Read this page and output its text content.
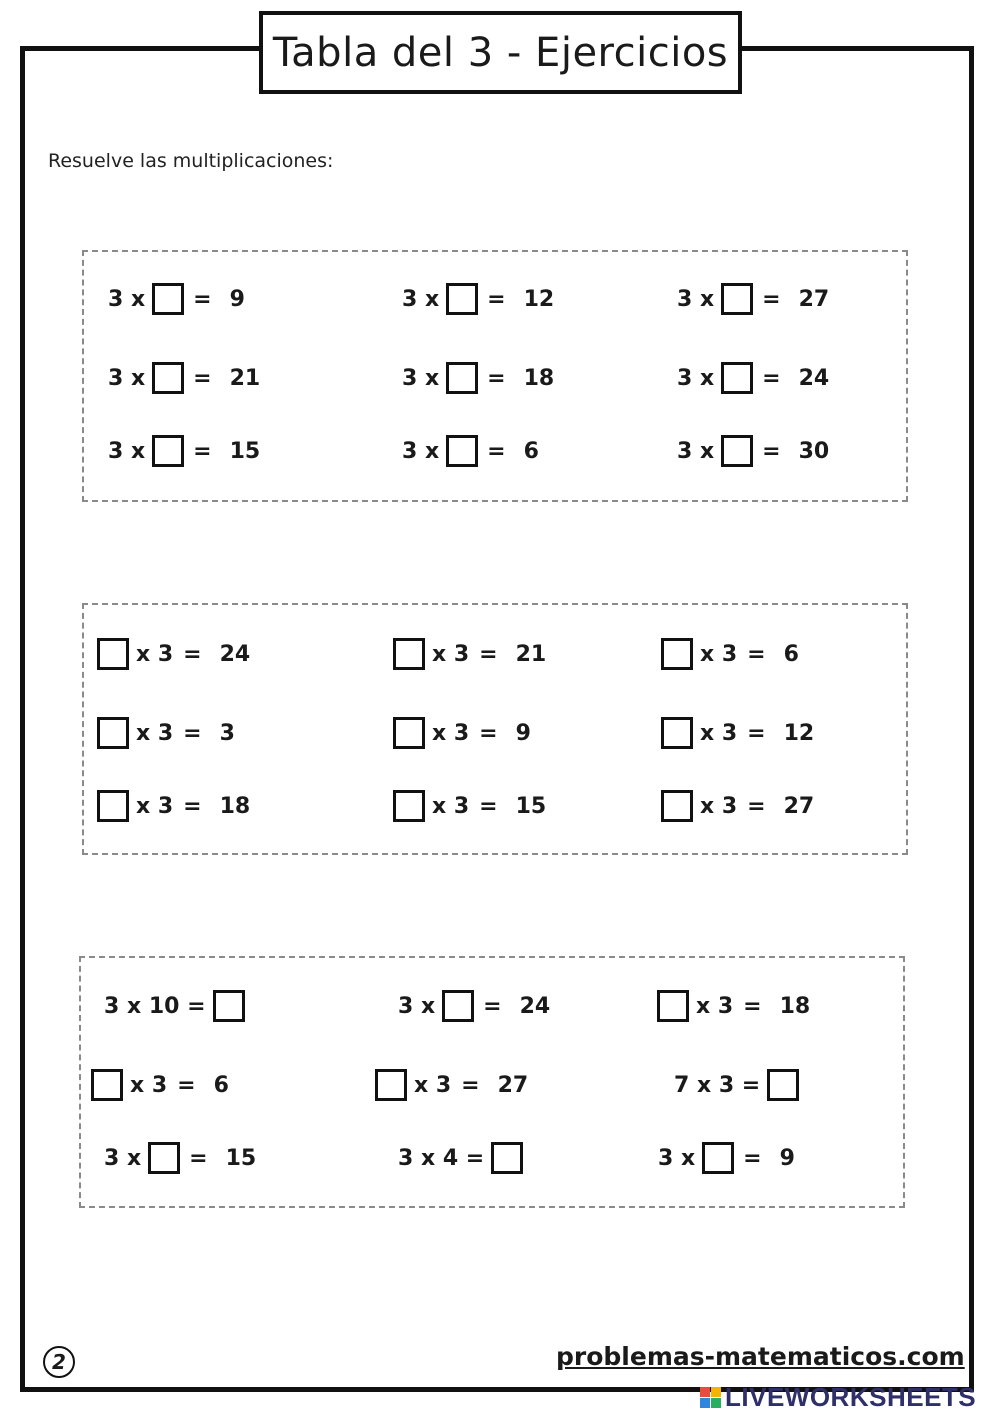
Tabla del 3 - Ejercicios
Resuelve las multiplicaciones:
3 x = 9	3 x = 12	3 x = 27
3 x = 21	3 x = 18	3 x = 24
3 x = 15	3 x = 6	3 x = 30
x 3 = 24	x 3 = 21	x 3 = 6
x 3 = 3	x 3 = 9	x 3 = 12
x 3 = 18	x 3 = 15	x 3 = 27
3 x 10 =	3 x = 24	x 3 = 18
x 3 = 6	x 3 = 27	7 x 3 =
3 x = 15	3 x 4 =	3 x = 9
2	problemas-matematicos.com
LIVEWORKSHEETS
